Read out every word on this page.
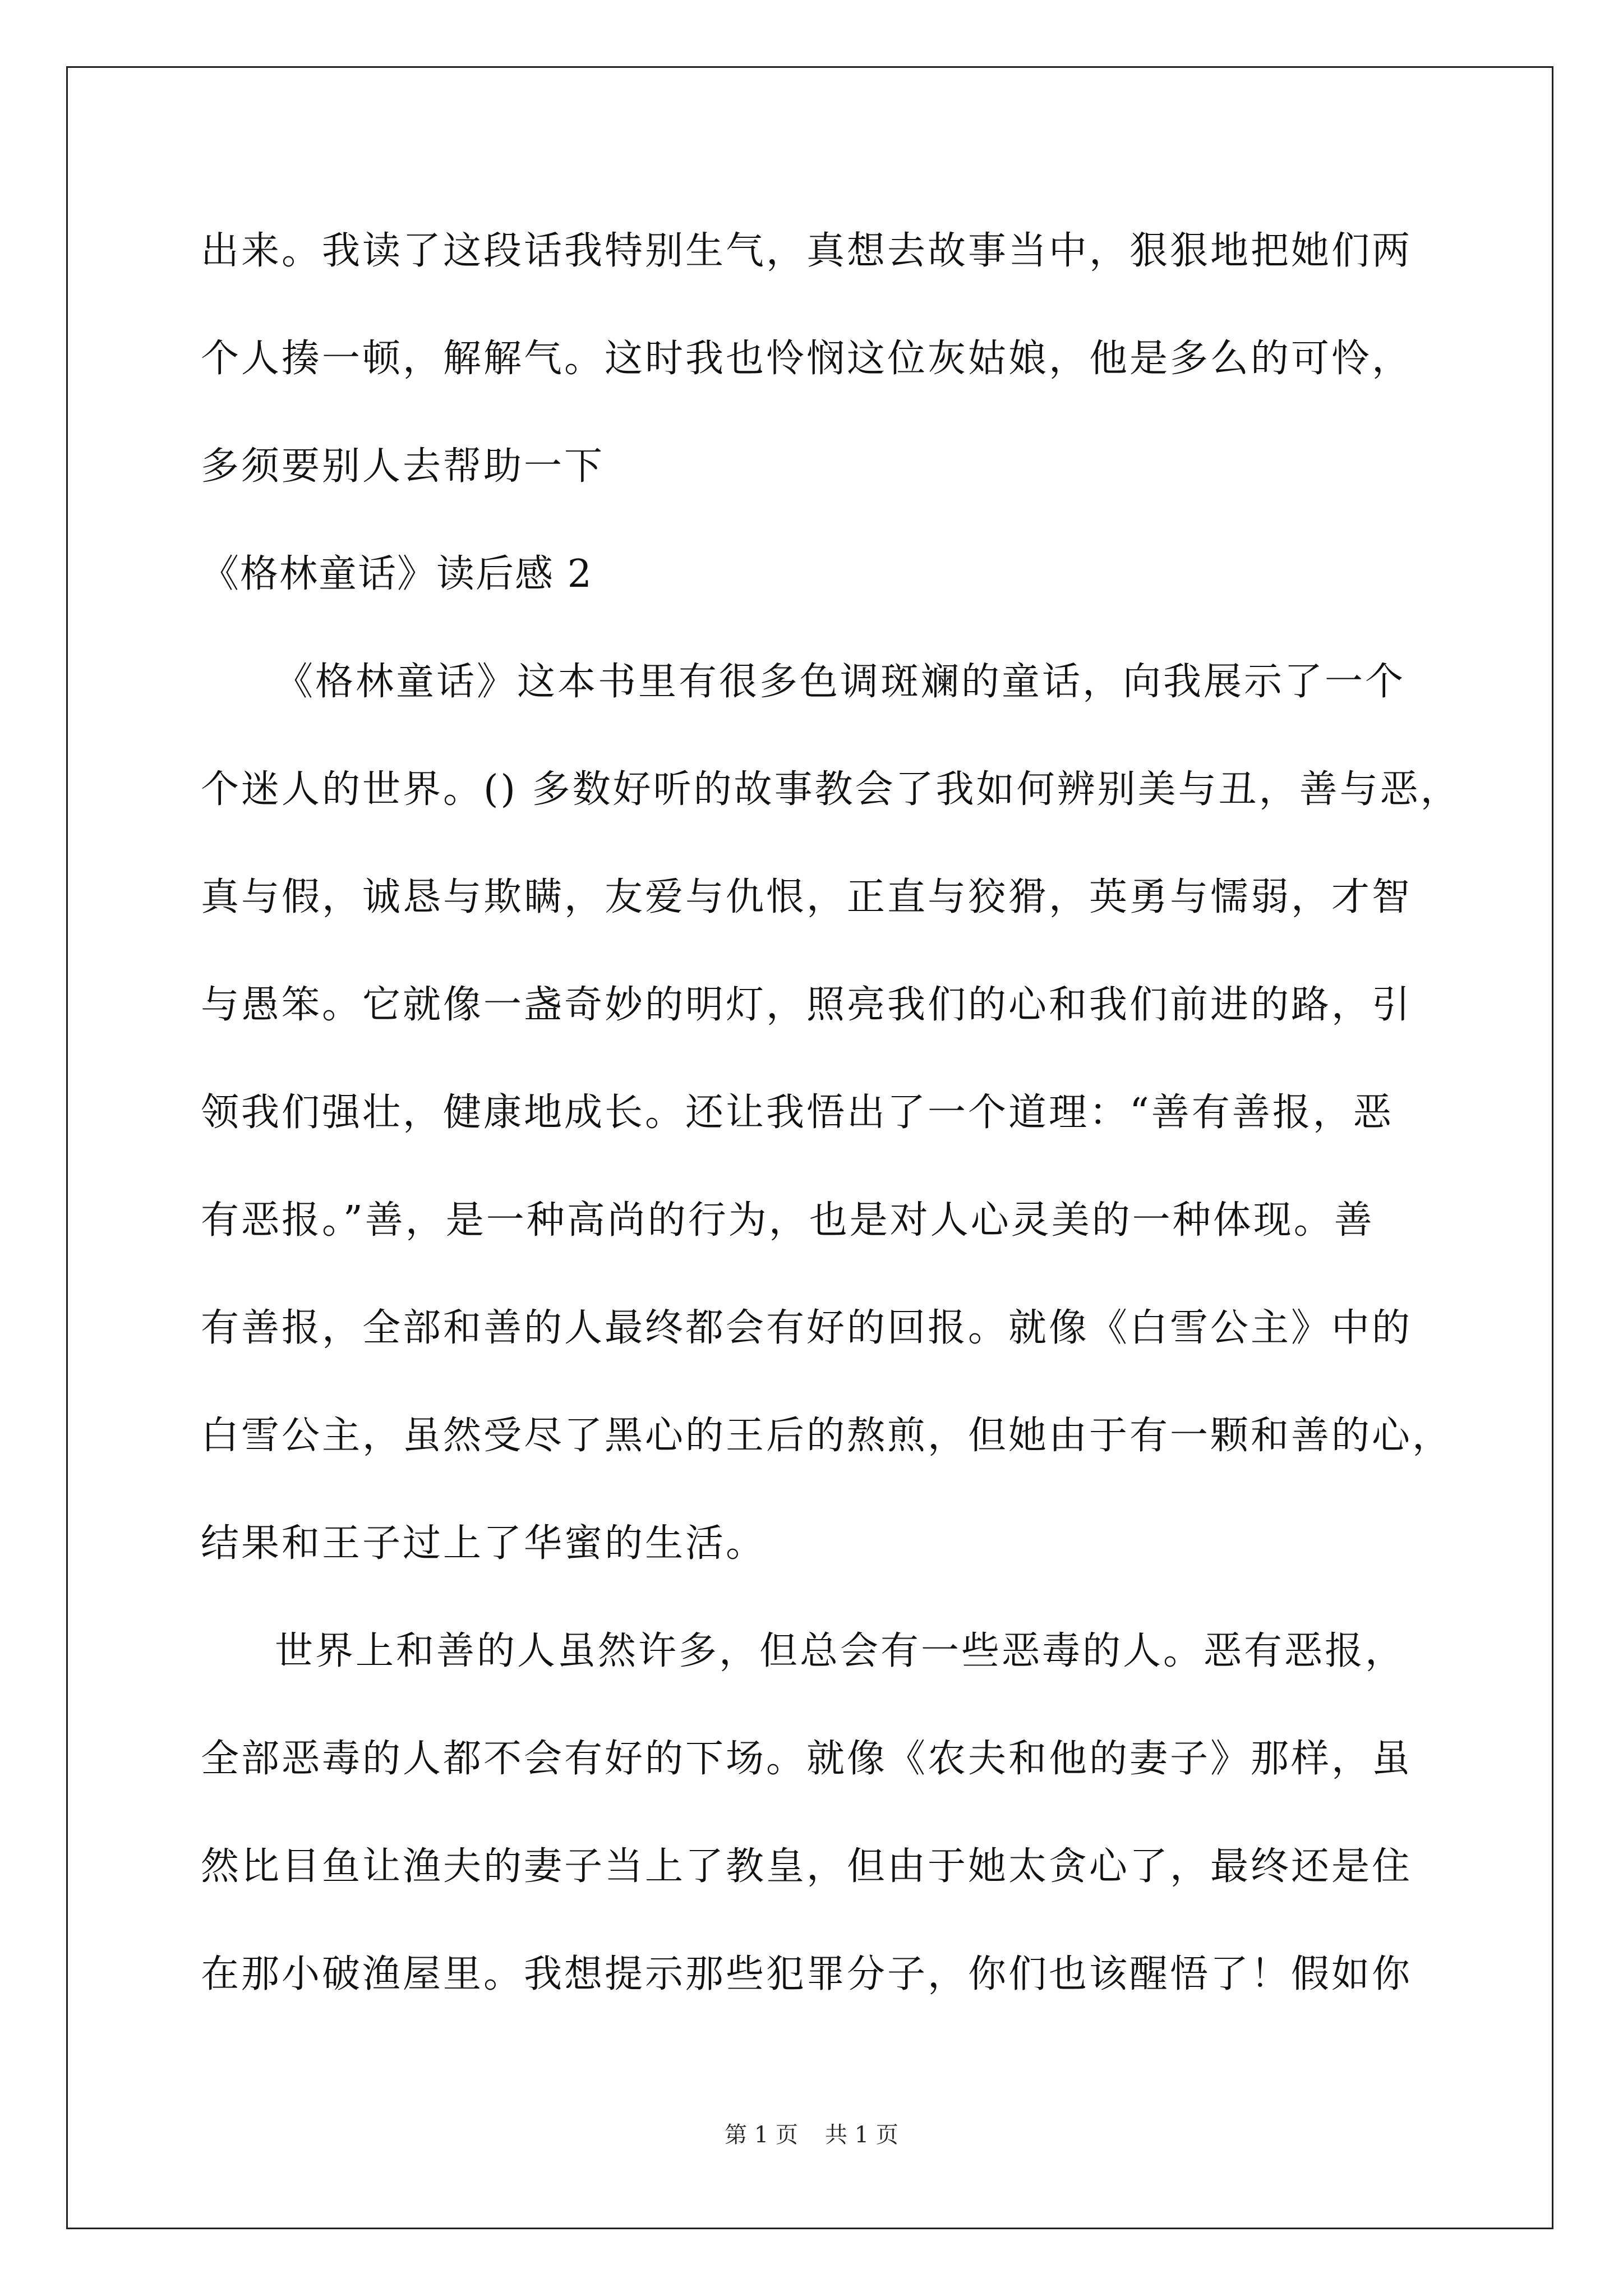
出来。我读了这段话我特别生气，真想去故事当中，狠狠地把她们两
个人揍一顿，解解气。这时我也怜悯这位灰姑娘，他是多么的可怜，
多须要别人去帮助一下
《格林童话》读后感 2
《格林童话》这本书里有很多色调斑斓的童话，向我展示了一个
个迷人的世界。() 多数好听的故事教会了我如何辨别美与丑，善与恶，
真与假，诚恳与欺瞒，友爱与仇恨，正直与狡猾，英勇与懦弱，才智
与愚笨。它就像一盏奇妙的明灯，照亮我们的心和我们前进的路，引
领我们强壮，健康地成长。还让我悟出了一个道理：“善有善报，恶
有恶报。”善，是一种高尚的行为，也是对人心灵美的一种体现。善
有善报，全部和善的人最终都会有好的回报。就像《白雪公主》中的
白雪公主，虽然受尽了黑心的王后的熬煎，但她由于有一颗和善的心，
结果和王子过上了华蜜的生活。
世界上和善的人虽然许多，但总会有一些恶毒的人。恶有恶报，
全部恶毒的人都不会有好的下场。就像《农夫和他的妻子》那样，虽
然比目鱼让渔夫的妻子当上了教皇，但由于她太贪心了，最终还是住
在那小破渔屋里。我想提示那些犯罪分子，你们也该醒悟了！假如你
第 1 页 共 1 页
